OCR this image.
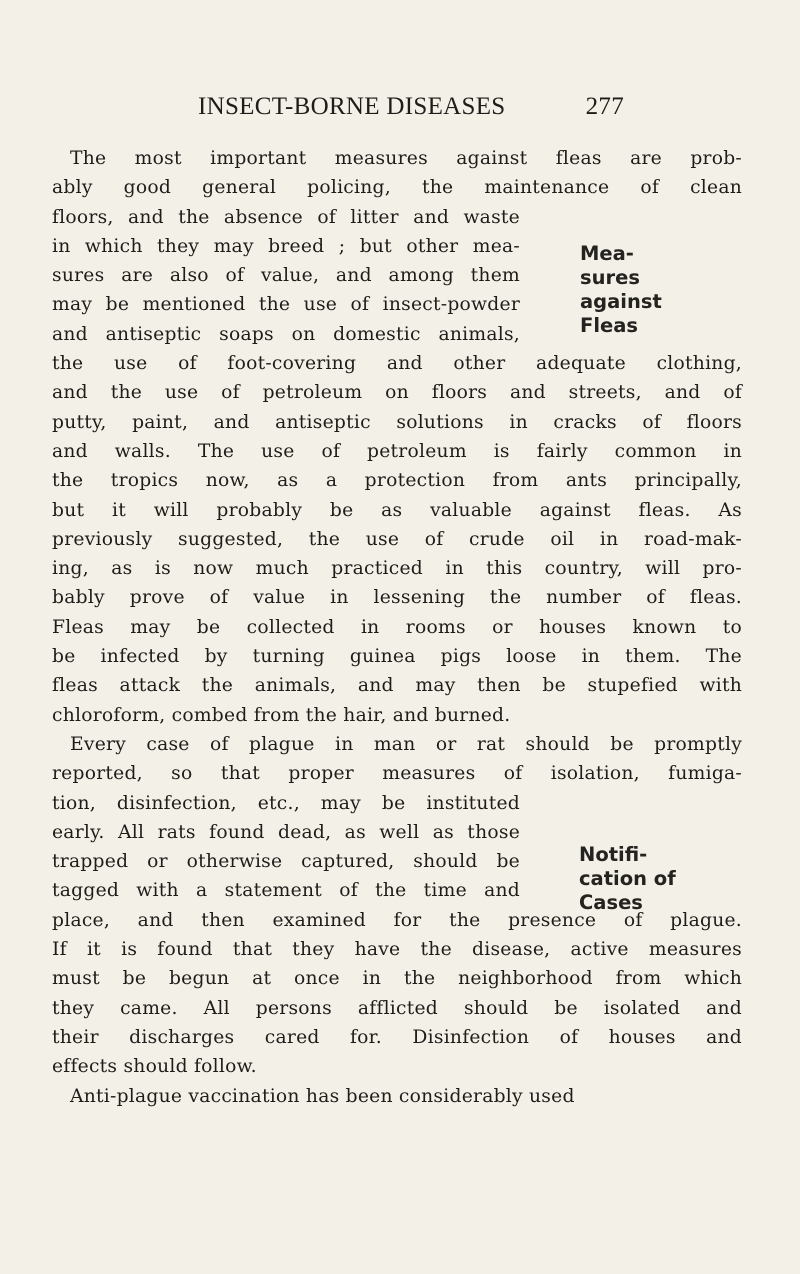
INSECT-BORNE DISEASES	277
Mea-
sures
against
Fleas
Notifi-
cation of
Cases
The most important measures against fleas are prob-
ably good general policing, the maintenance of clean
floors, and the absence of litter and waste
in which they may breed ; but other mea-
sures are also of value, and among them
may be mentioned the use of insect-powder
and antiseptic soaps on domestic animals,
the use of foot-covering and other adequate clothing,
and the use of petroleum on floors and streets, and of
putty, paint, and antiseptic solutions in cracks of floors
and walls. The use of petroleum is fairly common in
the tropics now, as a protection from ants principally,
but it will probably be as valuable against fleas. As
previously suggested, the use of crude oil in road-mak-
ing, as is now much practiced in this country, will pro-
bably prove of value in lessening the number of fleas.
Fleas may be collected in rooms or houses known to
be infected by turning guinea pigs loose in them. The
fleas attack the animals, and may then be stupefied with
chloroform, combed from the hair, and burned.
Every case of plague in man or rat should be promptly
reported, so that proper measures of isolation, fumiga-
tion, disinfection, etc., may be instituted
early. All rats found dead, as well as those
trapped or otherwise captured, should be
tagged with a statement of the time and
place, and then examined for the presence of plague.
If it is found that they have the disease, active measures
must be begun at once in the neighborhood from which
they came. All persons afflicted should be isolated and
their discharges cared for. Disinfection of houses and
effects should follow.
Anti-plague vaccination has been considerably used
